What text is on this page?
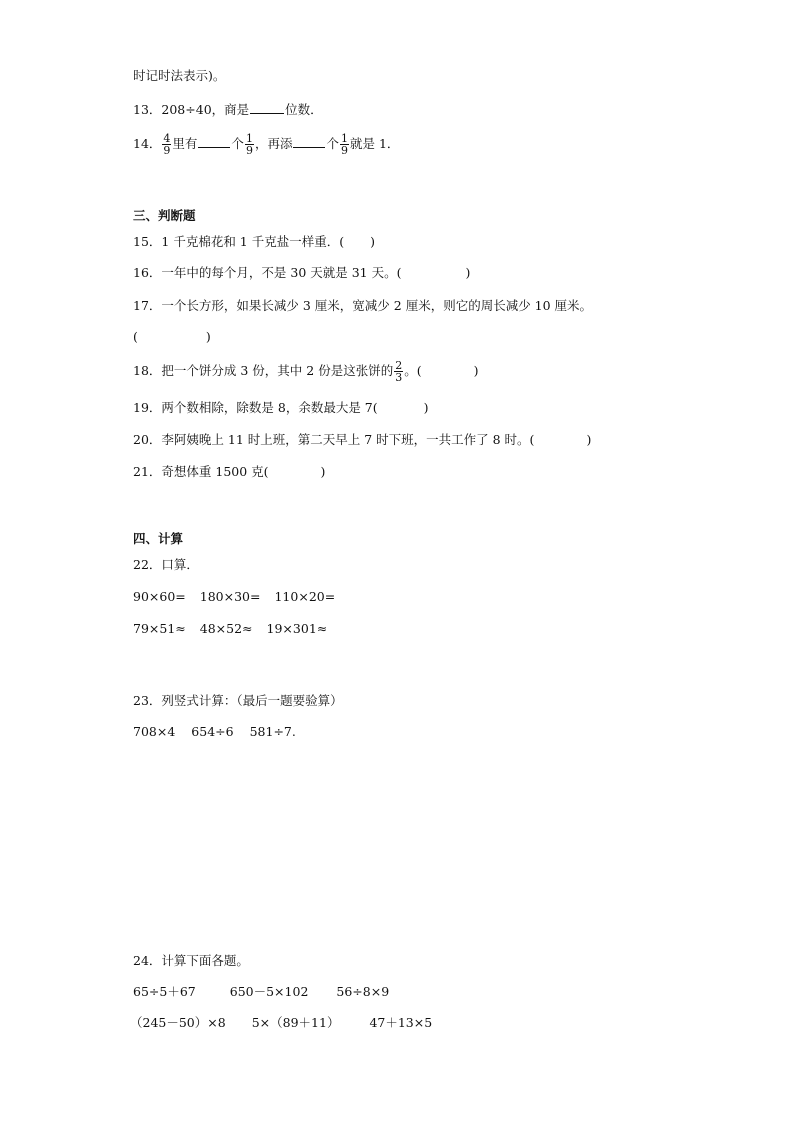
时记时法表示)。
13．208÷40，商是	位数．
14． $\frac{4}{9}$ 里有	个 $\frac{1}{9}$ ，再添	个 $\frac{1}{9}$ 就是 1．
三、判断题
15．1 千克棉花和 1 千克盐一样重．( )
16．一年中的每个月，不是 30 天就是 31 天。(	)
17．一个长方形，如果长减少 3 厘米，宽减少 2 厘米，则它的周长减少 10 厘米。
(	)
18．把一个饼分成 3 份，其中 2 份是这张饼的 $\frac{2}{3}$ 。(	)
19．两个数相除，除数是 8，余数最大是 7(	)
20．李阿姨晚上 11 时上班，第二天早上 7 时下班，一共工作了 8 时。(	)
21．奇想体重 1500 克(	)
四、计算
22．口算．
90×60= 180×30= 110×20=
79×51≈ 48×52≈ 19×301≈
23．列竖式计算：（最后一题要验算）
708×4 654÷6 581÷7.
24．计算下面各题。
65÷5＋67	650－5×102 56÷8×9
（245－50）×8 5×（89＋11） 47＋13×5
